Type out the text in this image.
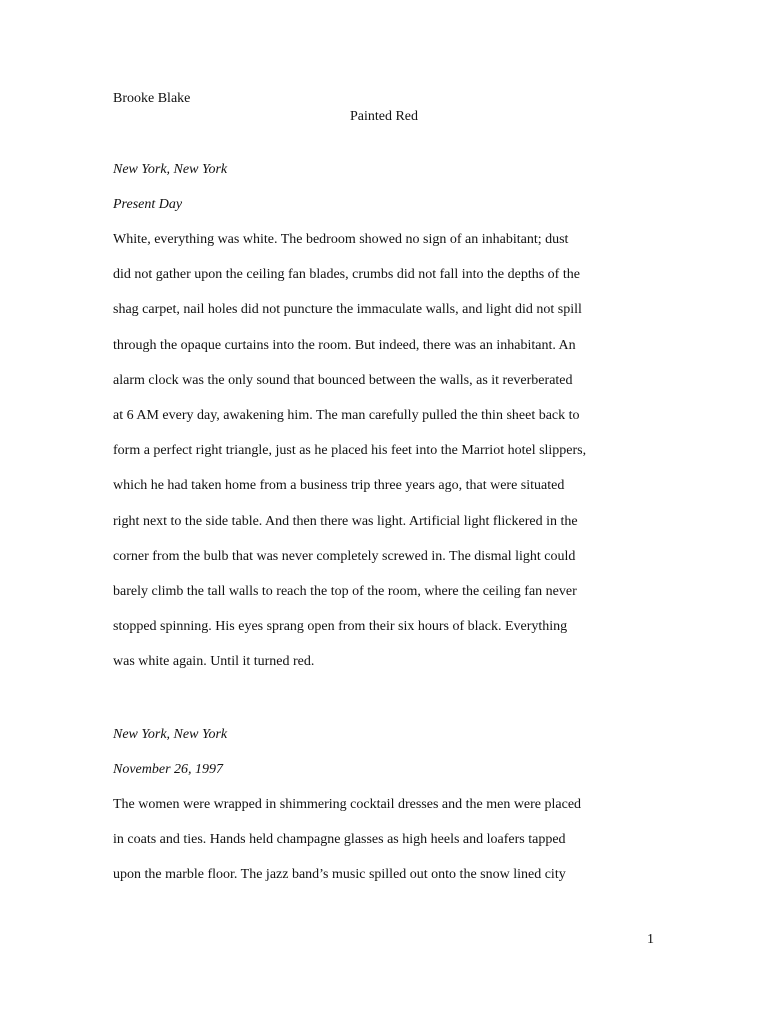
Brooke Blake
Painted Red
New York, New York
Present Day

White, everything was white. The bedroom showed no sign of an inhabitant; dust

did not gather upon the ceiling fan blades, crumbs did not fall into the depths of the

shag carpet, nail holes did not puncture the immaculate walls, and light did not spill

through the opaque curtains into the room. But indeed, there was an inhabitant. An

alarm clock was the only sound that bounced between the walls, as it reverberated

at 6 AM every day, awakening him. The man carefully pulled the thin sheet back to

form a perfect right triangle, just as he placed his feet into the Marriot hotel slippers,

which he had taken home from a business trip three years ago, that were situated

right next to the side table. And then there was light. Artificial light flickered in the

corner from the bulb that was never completely screwed in. The dismal light could

barely climb the tall walls to reach the top of the room, where the ceiling fan never

stopped spinning. His eyes sprang open from their six hours of black. Everything

was white again. Until it turned red.

New York, New York
November 26, 1997

The women were wrapped in shimmering cocktail dresses and the men were placed

in coats and ties. Hands held champagne glasses as high heels and loafers tapped

upon the marble floor. The jazz band’s music spilled out onto the snow lined city

1
